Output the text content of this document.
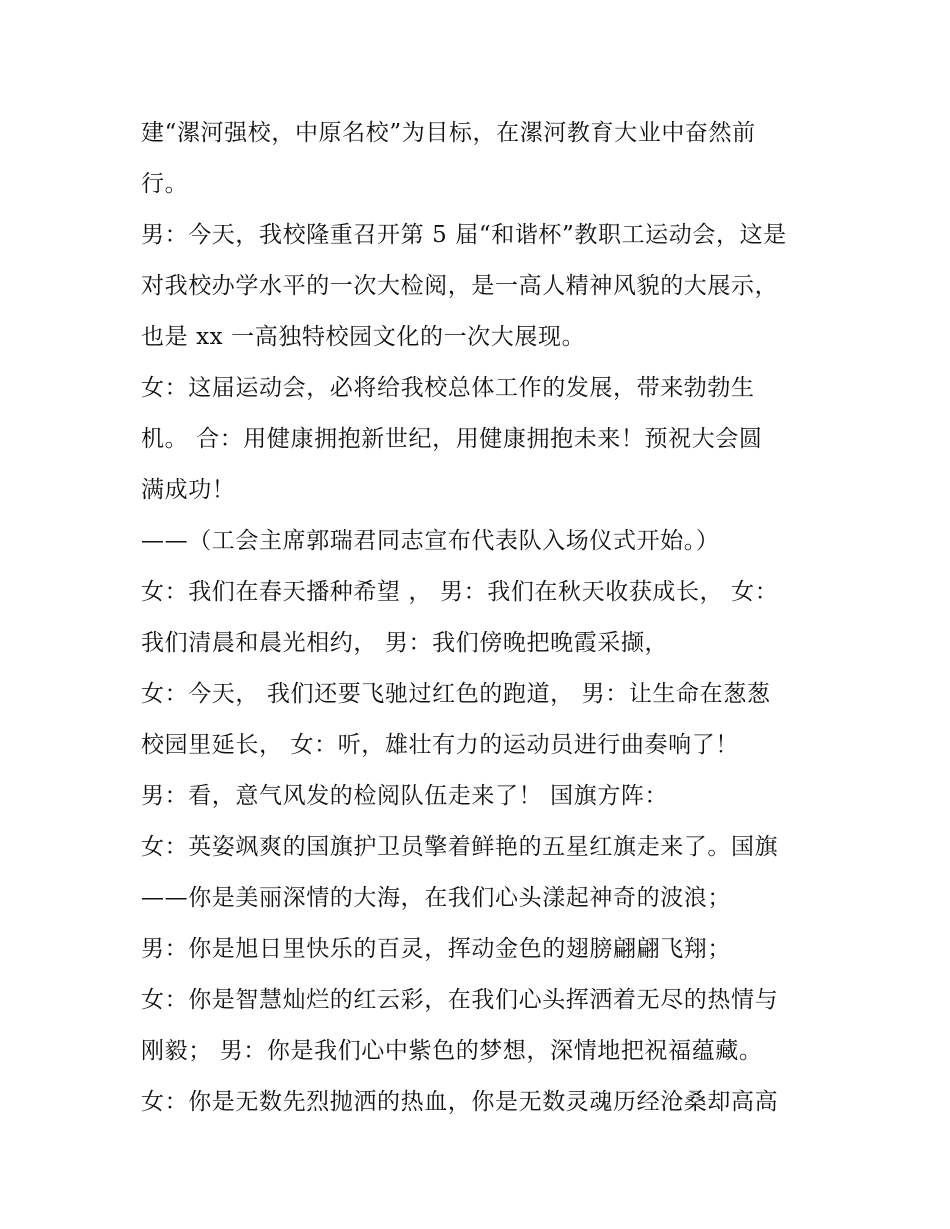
建“漯河强校，中原名校”为目标，在漯河教育大业中奋然前
行。
男：今天，我校隆重召开第 5 届“和谐杯”教职工运动会，这是
对我校办学水平的一次大检阅，是一高人精神风貌的大展示，
也是 xx 一高独特校园文化的一次大展现。
女：这届运动会，必将给我校总体工作的发展，带来勃勃生
机。 合：用健康拥抱新世纪，用健康拥抱未来！预祝大会圆
满成功！
——（工会主席郭瑞君同志宣布代表队入场仪式开始。）
女：我们在春天播种希望 ， 男：我们在秋天收获成长， 女：
我们清晨和晨光相约， 男：我们傍晚把晚霞采撷，
女：今天， 我们还要飞驰过红色的跑道， 男：让生命在葱葱
校园里延长， 女：听，雄壮有力的运动员进行曲奏响了！
男：看，意气风发的检阅队伍走来了！ 国旗方阵：
女：英姿飒爽的国旗护卫员擎着鲜艳的五星红旗走来了。国旗
——你是美丽深情的大海，在我们心头漾起神奇的波浪；
男：你是旭日里快乐的百灵，挥动金色的翅膀翩翩飞翔；
女：你是智慧灿烂的红云彩，在我们心头挥洒着无尽的热情与
刚毅； 男：你是我们心中紫色的梦想，深情地把祝福蕴藏。
女：你是无数先烈抛洒的热血，你是无数灵魂历经沧桑却高高
